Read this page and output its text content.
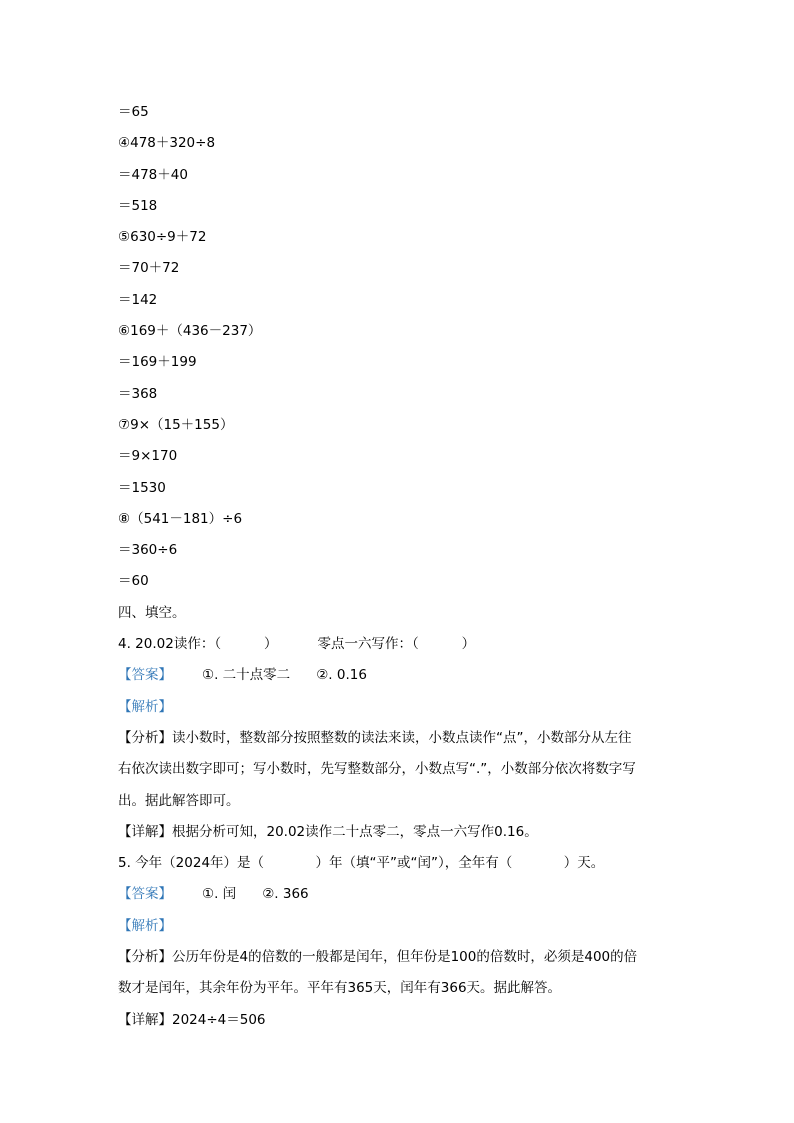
＝65
④478＋320÷8
＝478＋40
＝518
⑤630÷9＋72
＝70＋72
＝142
⑥169＋（436－237）
＝169＋199
＝368
⑦9×（15＋155）
＝9×170
＝1530
⑧（541－181）÷6
＝360÷6
＝60
四、填空。
4. 20.02读作：（          ）	零点一六写作：（          ）
【答案】 ①. 二十点零二 ②. 0.16
【解析】
【分析】读小数时，整数部分按照整数的读法来读，小数点读作“点”，小数部分从左往
右依次读出数字即可；写小数时，先写整数部分，小数点写“.”，小数部分依次将数字写
出。据此解答即可。
【详解】根据分析可知，20.02读作二十点零二，零点一六写作0.16。
5. 今年（2024年）是（            ）年（填“平”或“闰”），全年有（            ）天。
【答案】 ①. 闰 ②. 366
【解析】
【分析】公历年份是4的倍数的一般都是闰年，但年份是100的倍数时，必须是400的倍
数才是闰年，其余年份为平年。平年有365天，闰年有366天。据此解答。
【详解】2024÷4＝506
